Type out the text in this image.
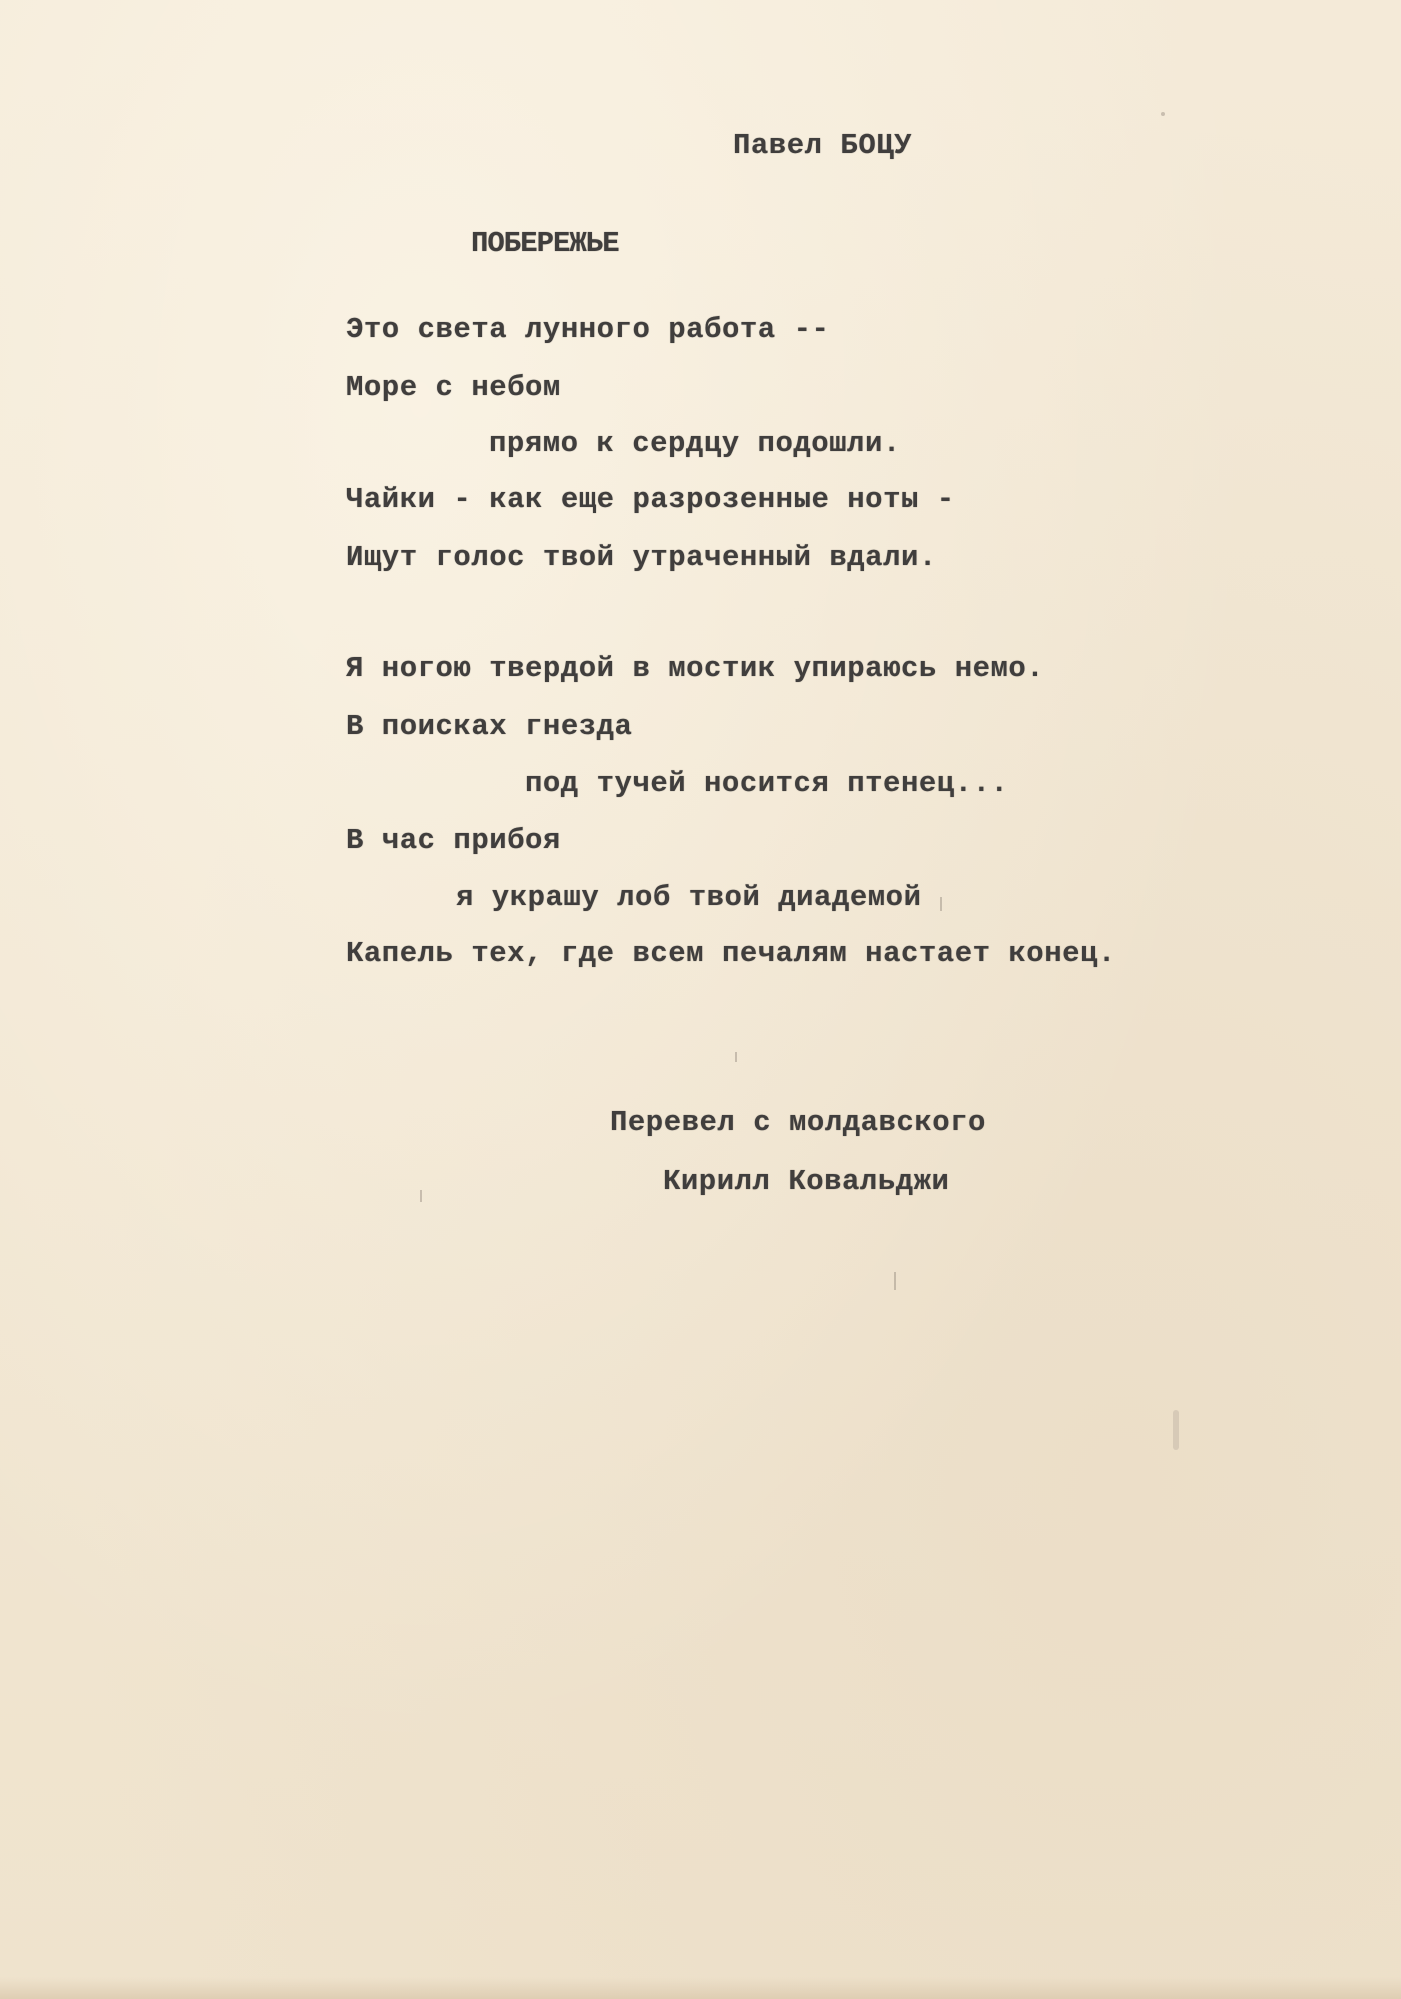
Павел БОЦУ

ПОБЕРЕЖЬЕ

Это света лунного работа --

Море с небом

прямо к сердцу подошли.

Чайки - как еще разрозенные ноты -

Ищут голос твой утраченный вдали.

Я ногою твердой в мостик упираюсь немо.

В поисках гнезда

под тучей носится птенец...

В час прибоя

я украшу лоб твой диадемой

Капель тех, где всем печалям настает конец.

Перевел с молдавского

Кирилл Ковальджи
